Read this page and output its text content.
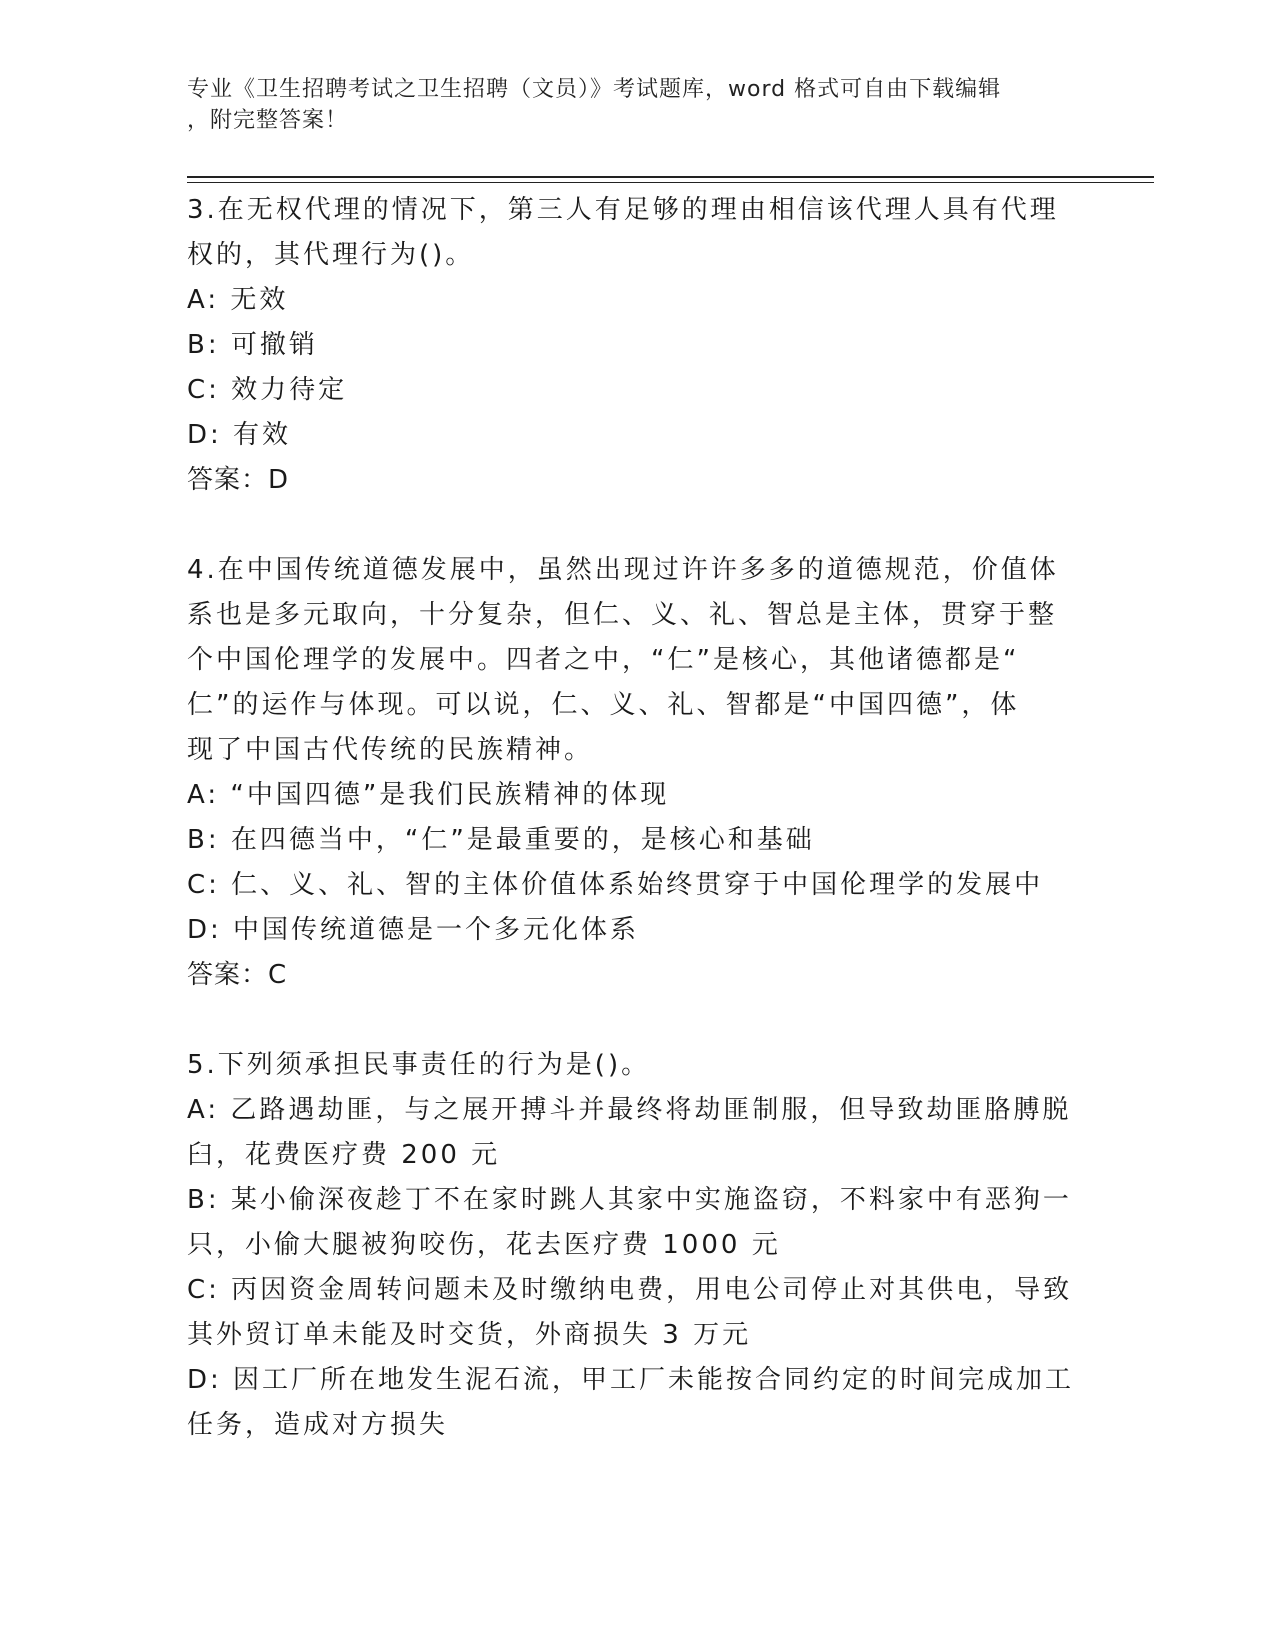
专业《卫生招聘考试之卫生招聘（文员）》考试题库，word 格式可自由下载编辑
，附完整答案！
3.在无权代理的情况下，第三人有足够的理由相信该代理人具有代理
权的，其代理行为()。
A: 无效
B: 可撤销
C: 效力待定
D: 有效
答案：D
4.在中国传统道德发展中，虽然出现过许许多多的道德规范，价值体
系也是多元取向，十分复杂，但仁、义、礼、智总是主体，贯穿于整
个中国伦理学的发展中。四者之中，“仁”是核心，其他诸德都是“
仁”的运作与体现。可以说，仁、义、礼、智都是“中国四德”，体
现了中国古代传统的民族精神。
A: “中国四德”是我们民族精神的体现
B: 在四德当中，“仁”是最重要的，是核心和基础
C: 仁、义、礼、智的主体价值体系始终贯穿于中国伦理学的发展中
D: 中国传统道德是一个多元化体系
答案：C
5.下列须承担民事责任的行为是()。
A: 乙路遇劫匪，与之展开搏斗并最终将劫匪制服，但导致劫匪胳膊脱
臼，花费医疗费 200 元
B: 某小偷深夜趁丁不在家时跳人其家中实施盗窃，不料家中有恶狗一
只，小偷大腿被狗咬伤，花去医疗费 1000 元
C: 丙因资金周转问题未及时缴纳电费，用电公司停止对其供电，导致
其外贸订单未能及时交货，外商损失 3 万元
D: 因工厂所在地发生泥石流，甲工厂未能按合同约定的时间完成加工
任务，造成对方损失
